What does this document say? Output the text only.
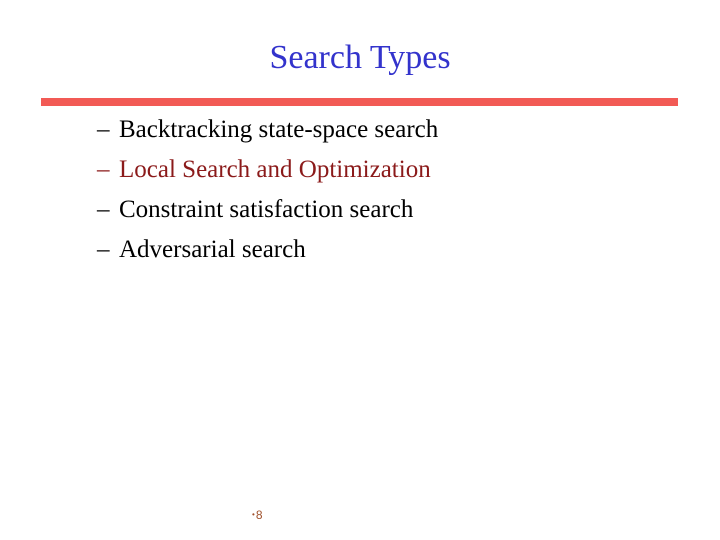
Search Types
– Backtracking state-space search
– Local Search and Optimization
– Constraint satisfaction search
– Adversarial search
•8
